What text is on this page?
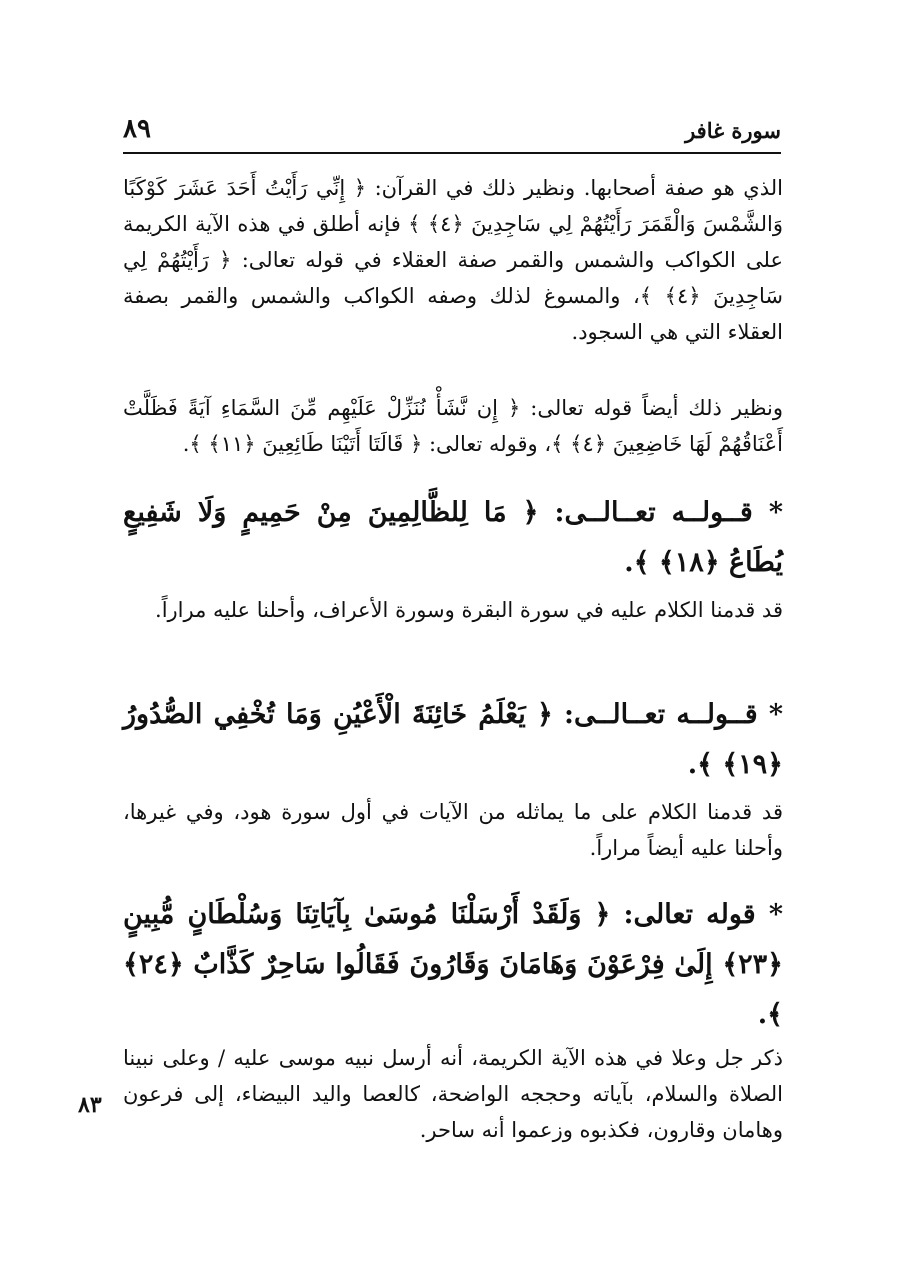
سورة غافر
٨٩

الذي هو صفة أصحابها. ونظير ذلك في القرآن: ﴿ إِنِّي رَأَيْتُ أَحَدَ عَشَرَ كَوْكَبًا وَالشَّمْسَ وَالْقَمَرَ رَأَيْتُهُمْ لِي سَاجِدِينَ ﴿٤﴾ ﴾ فإنه أطلق في هذه الآية الكريمة على الكواكب والشمس والقمر صفة العقلاء في قوله تعالى: ﴿ رَأَيْتُهُمْ لِي سَاجِدِينَ ﴿٤﴾ ﴾، والمسوغ لذلك وصفه الكواكب والشمس والقمر بصفة العقلاء التي هي السجود.

ونظير ذلك أيضاً قوله تعالى: ﴿ إِن نَّشَأْ نُنَزِّلْ عَلَيْهِم مِّنَ السَّمَاءِ آيَةً فَظَلَّتْ أَعْنَاقُهُمْ لَهَا خَاضِعِينَ ﴿٤﴾ ﴾، وقوله تعالى: ﴿ قَالَتَا أَتَيْنَا طَائِعِينَ ﴿١١﴾ ﴾.

* قــولــه تعــالــى: ﴿ مَا لِلظَّالِمِينَ مِنْ حَمِيمٍ وَلَا شَفِيعٍ يُطَاعُ ﴿١٨﴾ ﴾.

قد قدمنا الكلام عليه في سورة البقرة وسورة الأعراف، وأحلنا عليه مراراً.

* قــولــه تعــالــى: ﴿ يَعْلَمُ خَائِنَةَ الْأَعْيُنِ وَمَا تُخْفِي الصُّدُورُ ﴿١٩﴾ ﴾.

قد قدمنا الكلام على ما يماثله من الآيات في أول سورة هود، وفي غيرها، وأحلنا عليه أيضاً مراراً.

* قوله تعالى: ﴿ وَلَقَدْ أَرْسَلْنَا مُوسَىٰ بِآيَاتِنَا وَسُلْطَانٍ مُّبِينٍ ﴿٢٣﴾ إِلَىٰ فِرْعَوْنَ وَهَامَانَ وَقَارُونَ فَقَالُوا سَاحِرٌ كَذَّابٌ ﴿٢٤﴾ ﴾.

ذكر جل وعلا في هذه الآية الكريمة، أنه أرسل نبيه موسى عليه / وعلى نبينا الصلاة والسلام، بآياته وحججه الواضحة، كالعصا واليد البيضاء، إلى فرعون وهامان وقارون، فكذبوه وزعموا أنه ساحر.

٨٣
